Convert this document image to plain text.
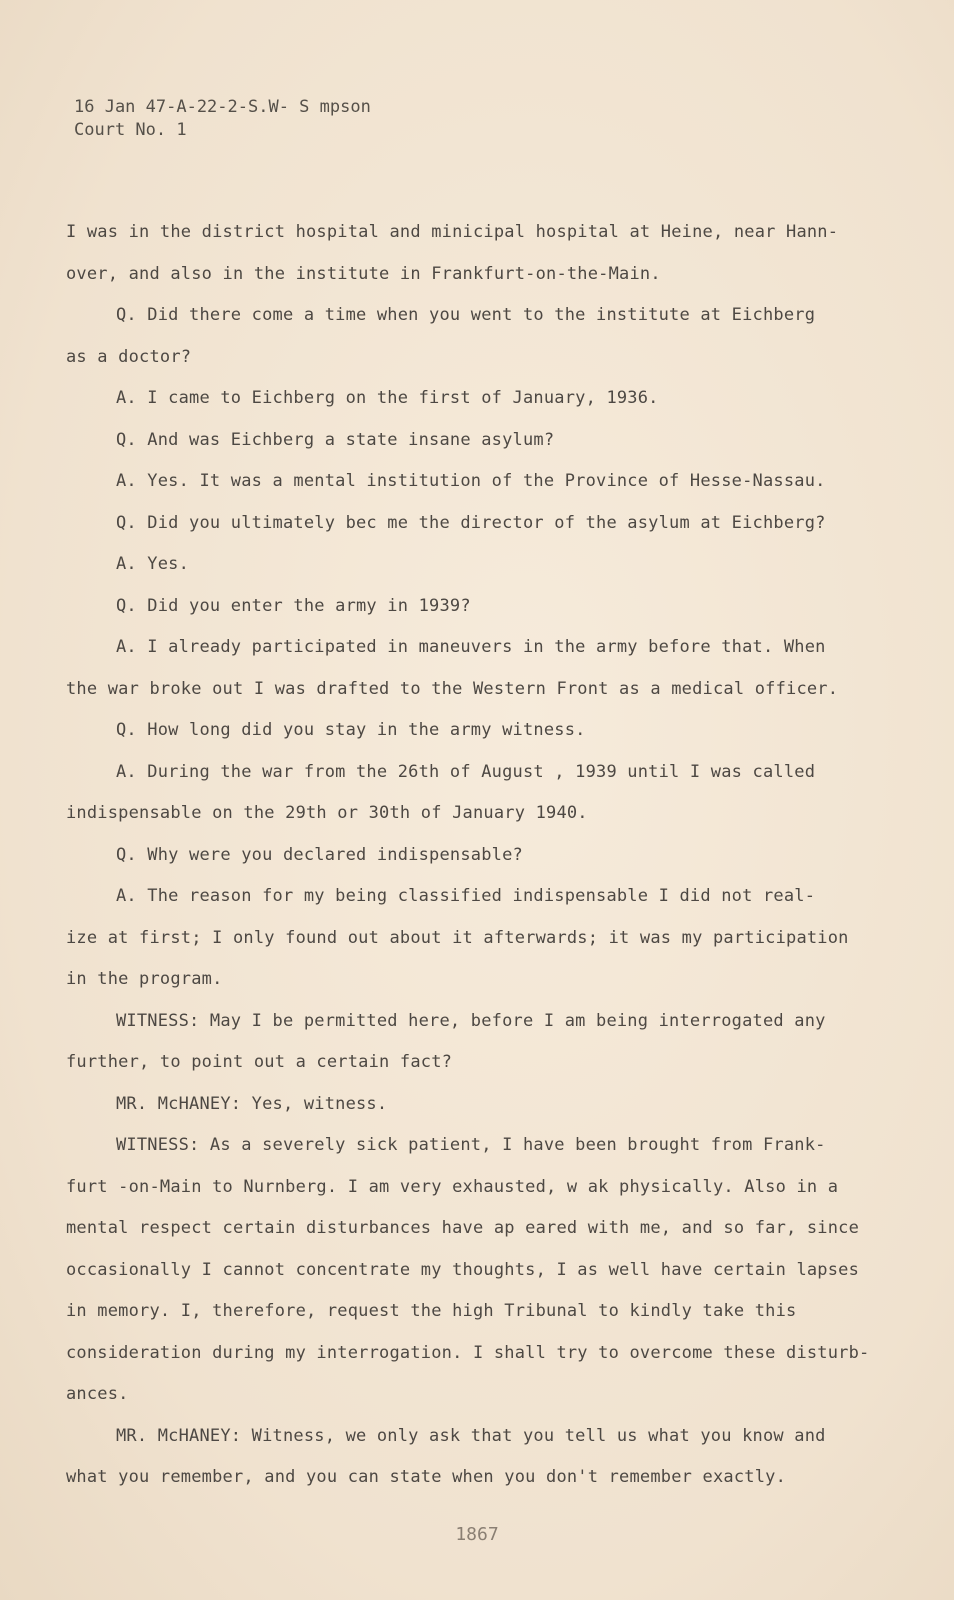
16 Jan 47-A-22-2-S.W- S mpson
Court No. 1
I was in the district hospital and minicipal hospital at Heine, near Hann-
over, and also in the institute in Frankfurt-on-the-Main.
Q. Did there come a time when you went to the institute at Eichberg
as a doctor?
A. I came to Eichberg on the first of January, 1936.
Q. And was Eichberg a state insane asylum?
A. Yes. It was a mental institution of the Province of Hesse-Nassau.
Q. Did you ultimately bec me the director of the asylum at Eichberg?
A. Yes.
Q. Did you enter the army in 1939?
A. I already participated in maneuvers in the army before that. When
the war broke out I was drafted to the Western Front as a medical officer.
Q. How long did you stay in the army witness.
A. During the war from the 26th of August , 1939 until I was called
indispensable on the 29th or 30th of January 1940.
Q. Why were you declared indispensable?
A. The reason for my being classified indispensable I did not real-
ize at first; I only found out about it afterwards; it was my participation
in the program.
WITNESS: May I be permitted here, before I am being interrogated any
further, to point out a certain fact?
MR. McHANEY: Yes, witness.
WITNESS: As a severely sick patient, I have been brought from Frank-
furt -on-Main to Nurnberg. I am very exhausted, w ak physically. Also in a
mental respect certain disturbances have ap eared with me, and so far, since
occasionally I cannot concentrate my thoughts, I as well have certain lapses
in memory. I, therefore, request the high Tribunal to kindly take this
consideration during my interrogation. I shall try to overcome these disturb-
ances.
MR. McHANEY: Witness, we only ask that you tell us what you know and
what you remember, and you can state when you don't remember exactly.
1867
